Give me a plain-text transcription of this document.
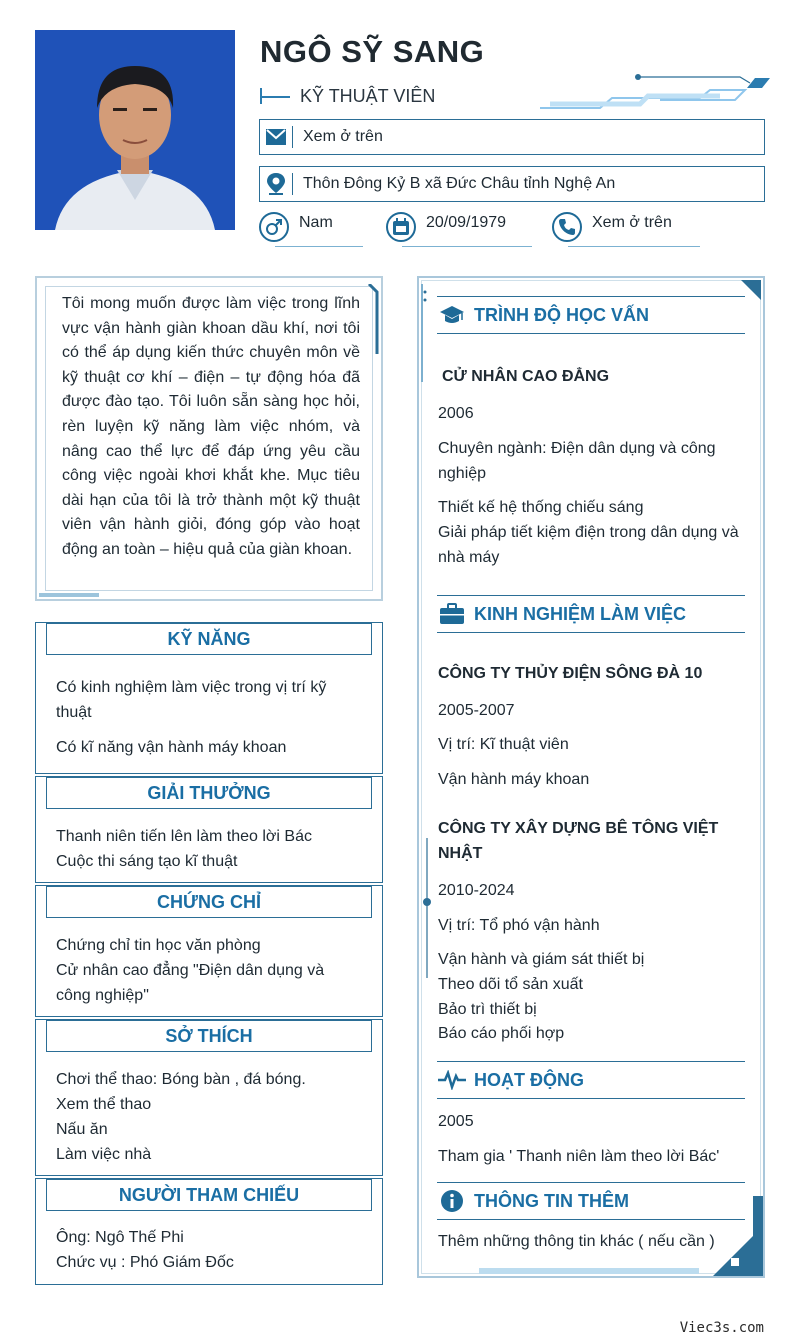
NGÔ SỸ SANG
KỸ THUẬT VIÊN
Xem ở trên
Thôn Đông Kỷ B xã Đức Châu tỉnh Nghệ An
Nam	20/09/1979	Xem ở trên
Tôi mong muốn được làm việc trong lĩnh vực vận hành giàn khoan dầu khí, nơi tôi có thể áp dụng kiến thức chuyên môn về kỹ thuật cơ khí – điện – tự động hóa đã được đào tạo. Tôi luôn sẵn sàng học hỏi, rèn luyện kỹ năng làm việc nhóm, và nâng cao thể lực để đáp ứng yêu cầu công việc ngoài khơi khắt khe. Mục tiêu dài hạn của tôi là trở thành một kỹ thuật viên vận hành giỏi, đóng góp vào hoạt động an toàn – hiệu quả của giàn khoan.
KỸ NĂNG

Có kinh nghiệm làm việc trong vị trí kỹ thuật

Có kĩ năng vận hành máy khoan

GIẢI THƯỞNG

Thanh niên tiến lên làm theo lời Bác

Cuộc thi sáng tạo kĩ thuật

CHỨNG CHỈ

Chứng chỉ tin học văn phòng

Cử nhân cao đẳng "Điện dân dụng và công nghiệp"

SỞ THÍCH

Chơi thể thao: Bóng bàn , đá bóng.

Xem thể thao

Nấu ăn

Làm việc nhà

NGƯỜI THAM CHIẾU

Ông: Ngô Thế Phi

Chức vụ : Phó Giám Đốc

TRÌNH ĐỘ HỌC VẤN
CỬ NHÂN CAO ĐẲNG
2006
Chuyên ngành: Điện dân dụng và công nghiệp
Thiết kế hệ thống chiếu sáng
Giải pháp tiết kiệm điện trong dân dụng và nhà máy
KINH NGHIỆM LÀM VIỆC
CÔNG TY THỦY ĐIỆN SÔNG ĐÀ 10
2005-2007
Vị trí: Kĩ thuật viên
Vận hành máy khoan
CÔNG TY XÂY DỰNG BÊ TÔNG VIỆT NHẬT
2010-2024
Vị trí: Tổ phó vận hành
Vận hành và giám sát thiết bị
Theo dõi tổ sản xuất
Bảo trì thiết bị
Báo cáo phối hợp
HOẠT ĐỘNG
2005
Tham gia ' Thanh niên làm theo lời Bác'
THÔNG TIN THÊM
Thêm những thông tin khác ( nếu cần )
Viec3s.com
